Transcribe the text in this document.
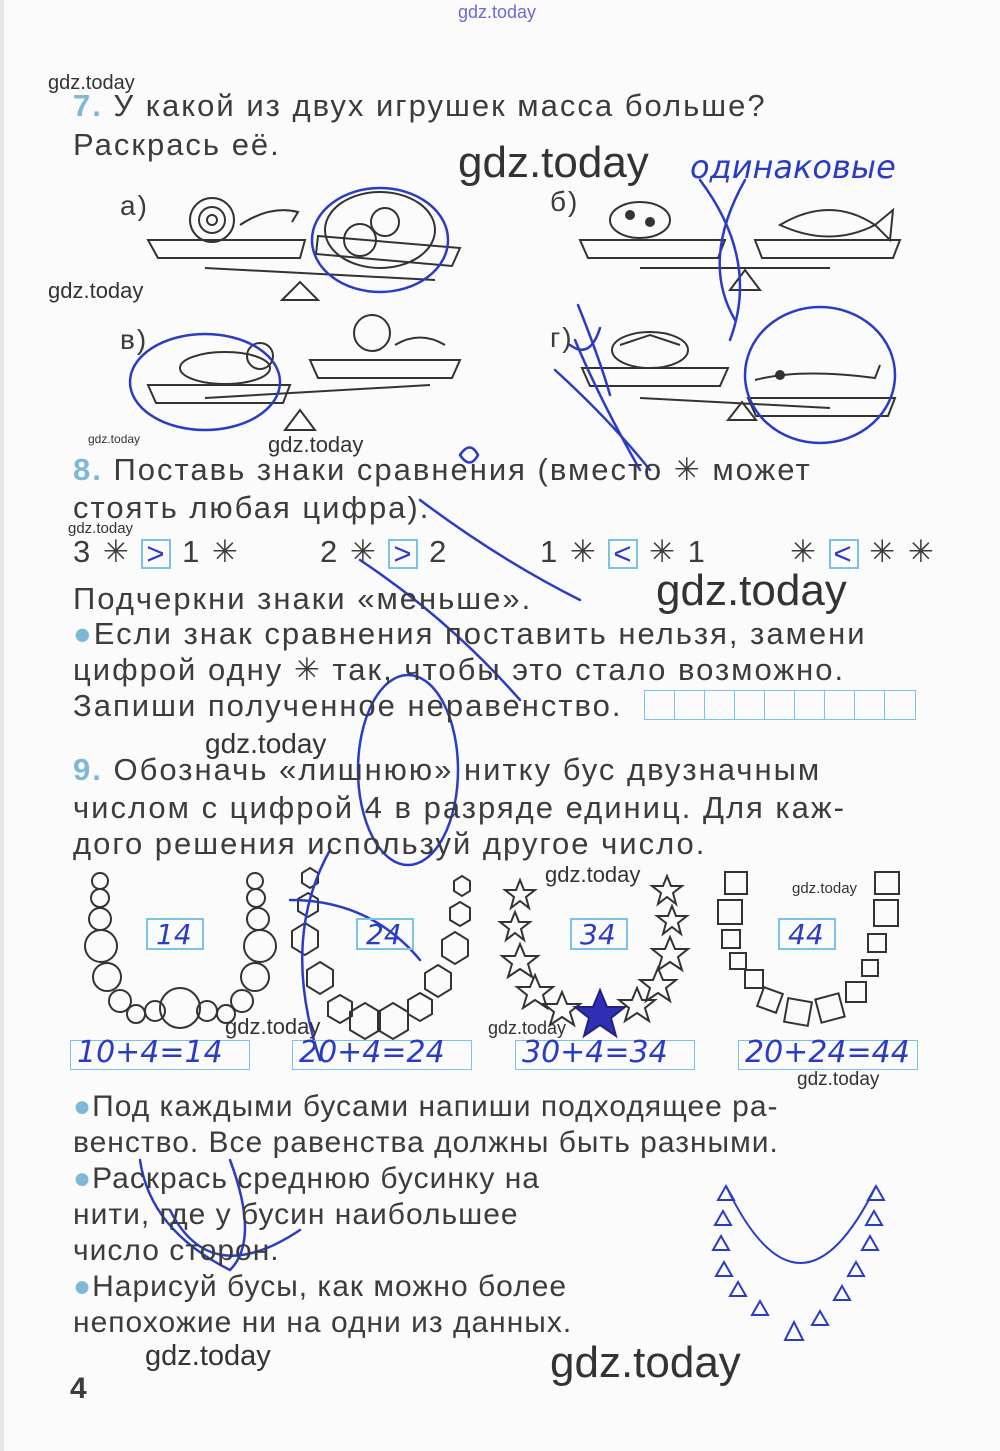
gdz.today
gdz.today
gdz.today
gdz.today
gdz.today	gdz.today
gdz.today
gdz.today
gdz.today
gdz.today
gdz.today
gdz.today	gdz.today
gdz.today
gdz.today	gdz.today
7. У какой из двух игрушек масса больше?
Раскрась её.
а)	б)
в)	г)
одинаковые
8. Поставь знаки сравнения (вместо ✳ может
стоять любая цифра).
3 ✳ > 1 ✳	2 ✳ > 2	1 ✳ < ✳ 1	✳ < ✳ ✳
Подчеркни знаки «меньше».
●Если знак сравнения поставить нельзя, замени
цифрой одну ✳ так, чтобы это стало возможно.
Запиши полученное неравенство.
9. Обозначь «лишнюю» нитку бус двузначным
числом с цифрой 4 в разряде единиц. Для каж-
дого решения используй другое число.
14	24	34	44
10+4=14	20+4=24	30+4=34	20+24=44
●Под каждыми бусами напиши подходящее ра-
венство. Все равенства должны быть разными.
●Раскрась среднюю бусинку на
нити, где у бусин наибольшее
число сторон.
●Нарисуй бусы, как можно более
непохожие ни на одни из данных.
4
